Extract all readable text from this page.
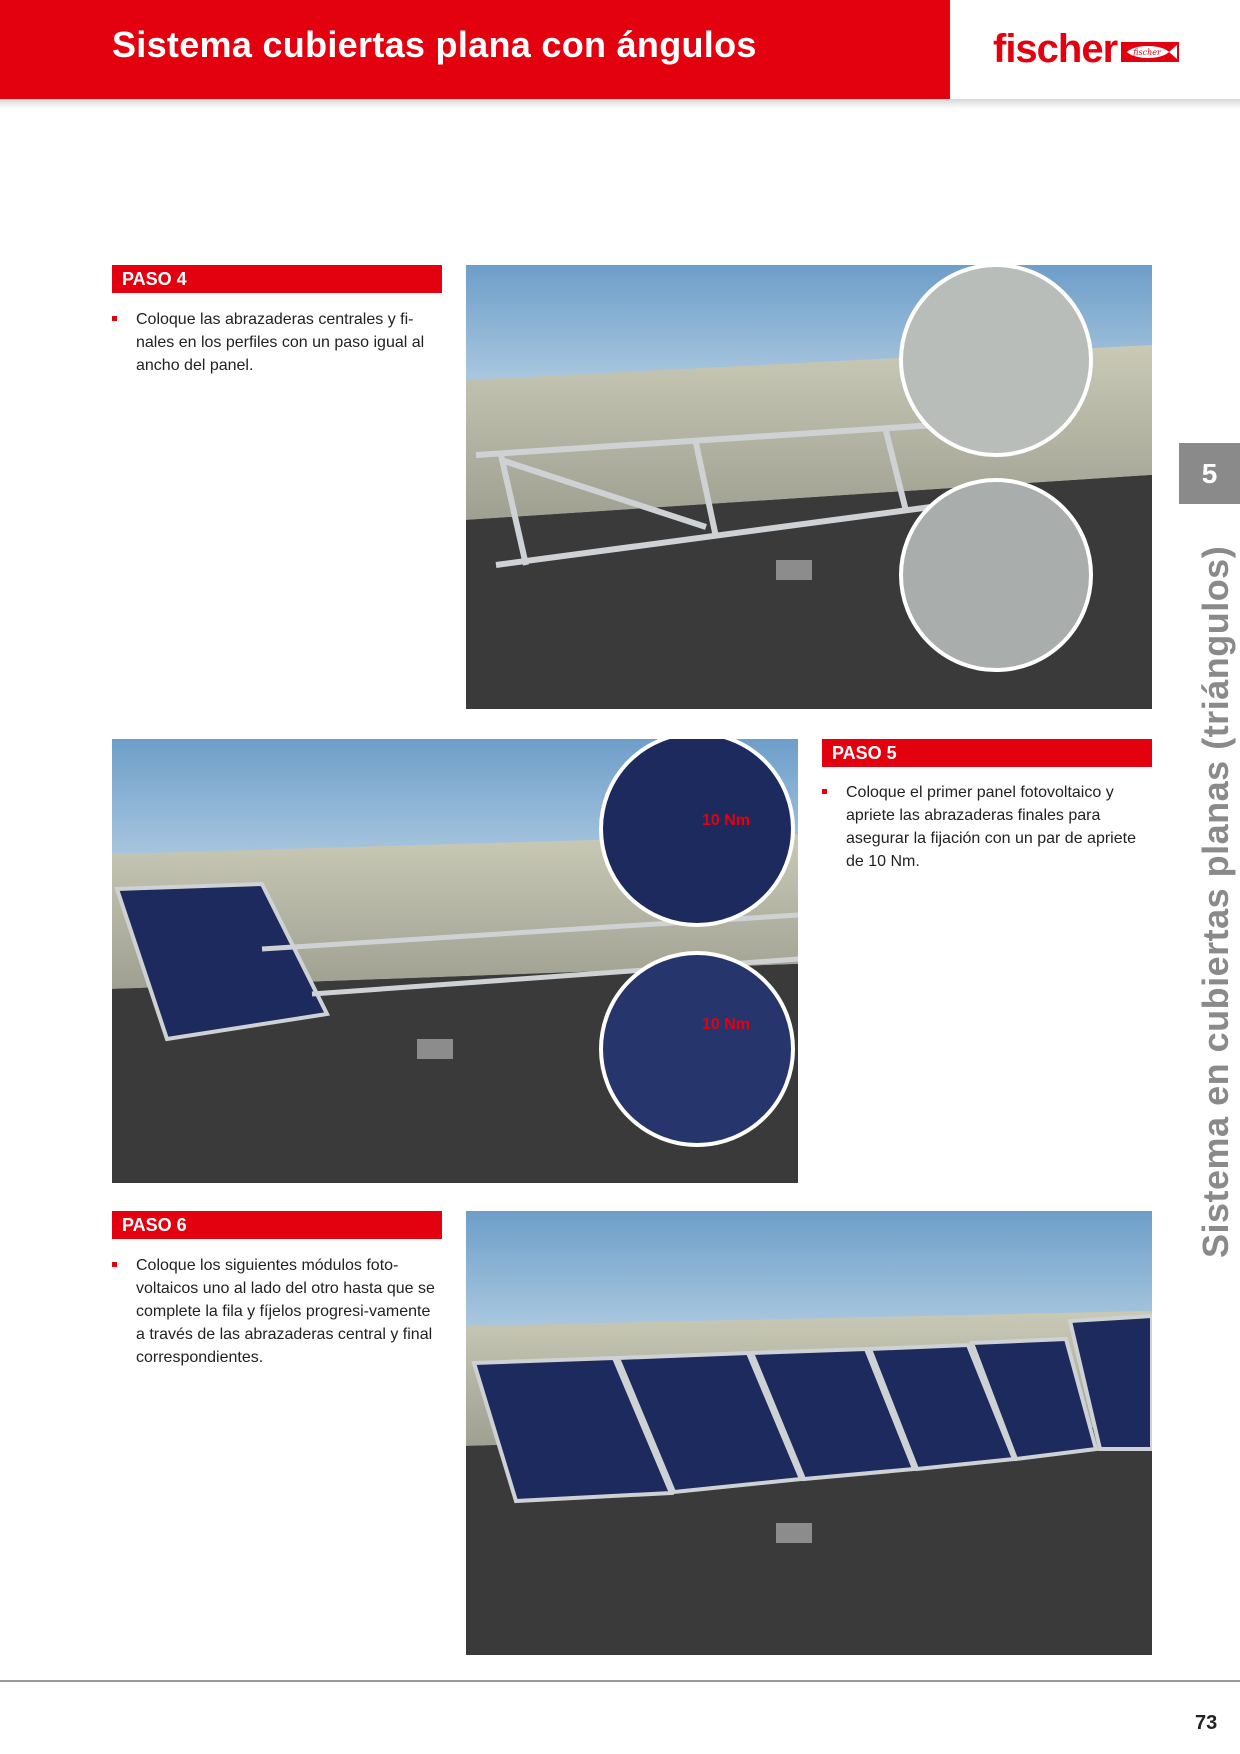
Sistema cubiertas plana con ángulos	fischer fischer
PASO 4
Coloque las abrazaderas centrales y fi-nales en los perfiles con un paso igual al ancho del panel.
10 Nm
10 Nm
PASO 5
Coloque el primer panel fotovoltaico y apriete las abrazaderas finales para asegurar la fijación con un par de apriete de 10 Nm.
PASO 6
Coloque los siguientes módulos foto-voltaicos uno al lado del otro hasta que se complete la fila y fíjelos progresi-vamente a través de las abrazaderas central y final correspondientes.
5
Sistema en cubiertas planas (triángulos)
73
